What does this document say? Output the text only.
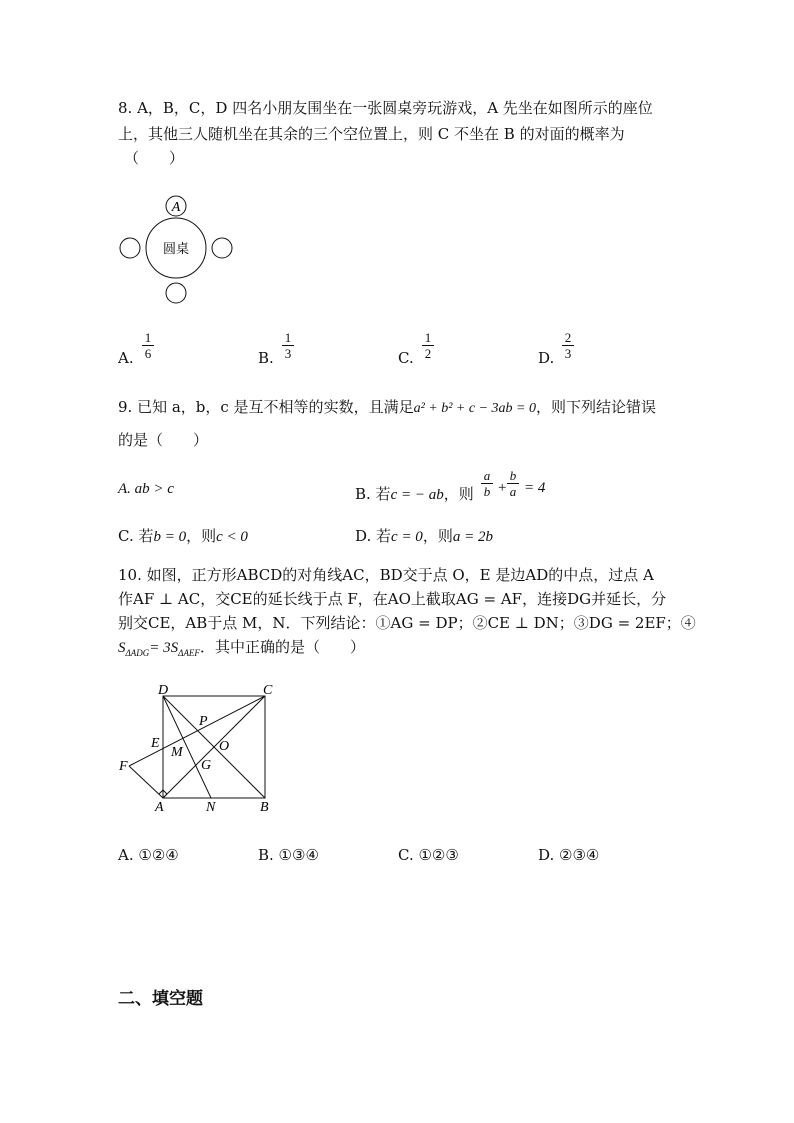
8. A，B，C，D 四名小朋友围坐在一张圆桌旁玩游戏，A 先坐在如图所示的座位
上，其他三人随机坐在其余的三个空位置上，则 C 不坐在 B 的对面的概率为
（　　）
A
圆桌
A.
1
6	B.
1
3	C.
1
2	D.
2
3
9. 已知 a，b，c 是互不相等的实数，且满足a² + b² + c − 3ab = 0，则下列结论错误
的是（　　）
A. ab > c	B. 若c = − ab，则
a
b +
b
a = 4
C. 若b = 0，则c < 0	D. 若c = 0，则a = 2b
10. 如图，正方形ABCD的对角线AC，BD交于点 O，E 是边AD的中点，过点 A
作AF ⊥ AC，交CE的延长线于点 F，在AO上截取AG = AF，连接DG并延长，分
别交CE，AB于点 M，N．下列结论：①AG = DP；②CE ⊥ DN；③DG = 2EF；④
$S_{\Delta ADG}= 3S_{\Delta AEF}$．其中正确的是（　　）
D	C
P
E
M	O
F	G
A	N	B
A. ①②④	B. ①③④	C. ①②③	D. ②③④
二、填空题
